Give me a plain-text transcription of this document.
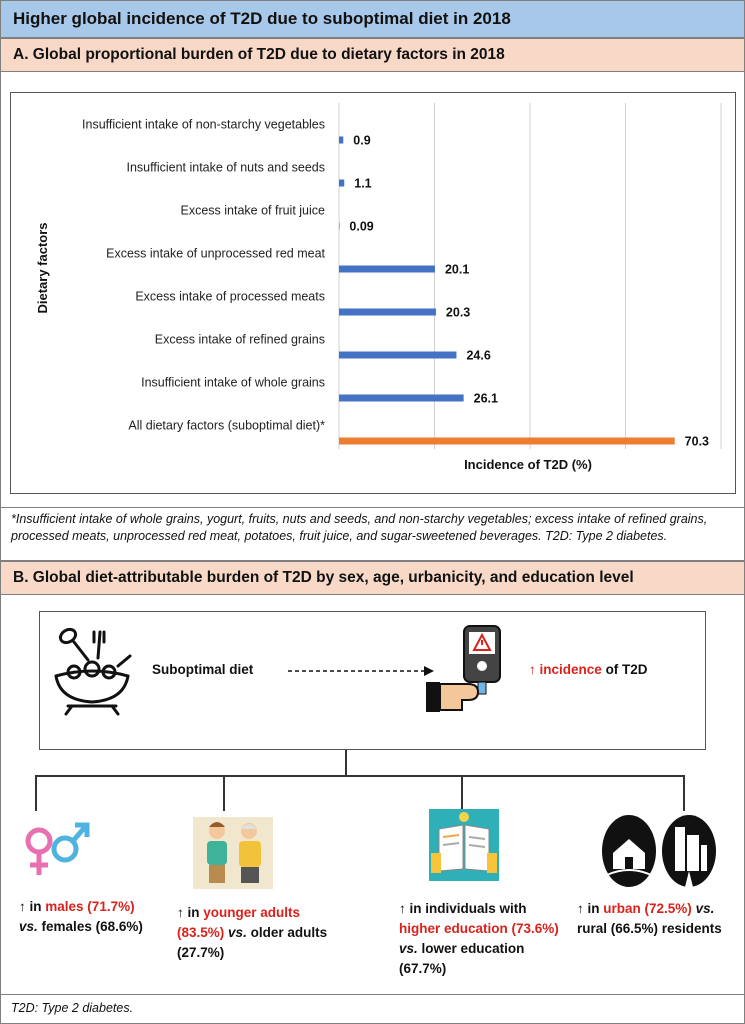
Higher global incidence of T2D due to suboptimal diet in 2018
A. Global proportional burden of T2D due to dietary factors in 2018
Insufficient intake of non-starchy vegetables
Insufficient intake of nuts and seeds
Excess intake of fruit juice
Excess intake of unprocessed red meat
Excess intake of processed meats
Excess intake of refined grains
Insufficient intake of whole grains
All dietary factors (suboptimal diet)*
0.9
1.1
0.09
20.1
20.3
24.6
26.1
70.3
Incidence of T2D (%)
Dietary factors
*Insufficient intake of whole grains, yogurt, fruits, nuts and seeds, and non-starchy vegetables; excess intake of refined grains, processed meats, unprocessed red meat, potatoes, fruit juice, and sugar-sweetened beverages. T2D: Type 2 diabetes.
B. Global diet-attributable burden of T2D by sex, age, urbanicity, and education level
Suboptimal diet	↑ incidence of T2D
↑ in males (71.7%)
vs. females (68.6%)
↑ in younger adults (83.5%) vs. older adults (27.7%)
↑ in individuals with
higher education (73.6%) vs. lower education (67.7%)
↑ in urban (72.5%) vs. rural (66.5%) residents
T2D: Type 2 diabetes.
